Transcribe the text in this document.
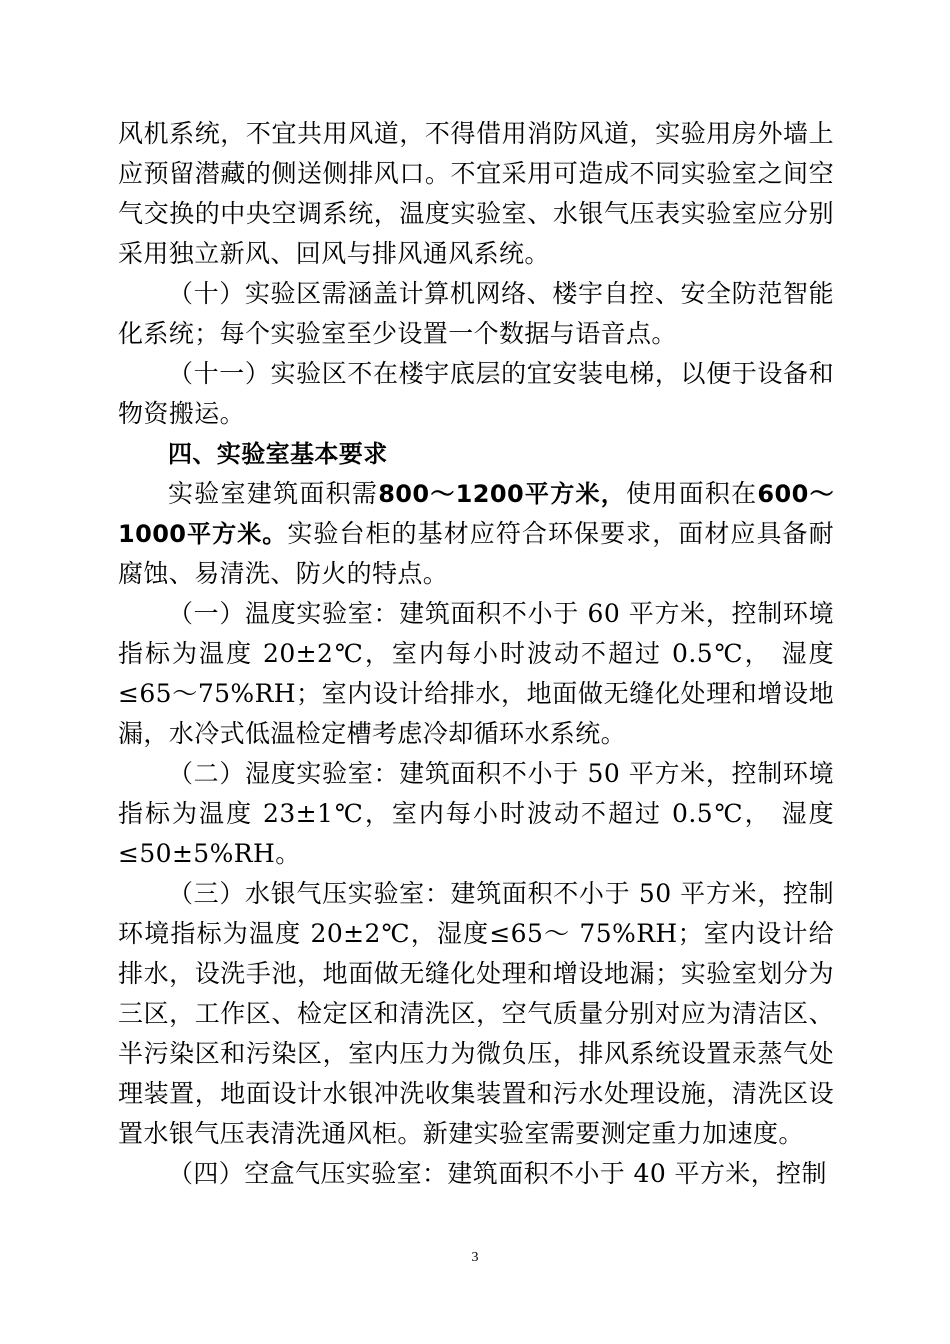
风机系统，不宜共用风道，不得借用消防风道，实验用房外墙上应预留潜藏的侧送侧排风口。不宜采用可造成不同实验室之间空气交换的中央空调系统，温度实验室、水银气压表实验室应分别采用独立新风、回风与排风通风系统。

（十）实验区需涵盖计算机网络、楼宇自控、安全防范智能化系统；每个实验室至少设置一个数据与语音点。

（十一）实验区不在楼宇底层的宜安装电梯，以便于设备和物资搬运。

四、实验室基本要求

实验室建筑面积需800～1200平方米，使用面积在600～1000平方米。实验台柜的基材应符合环保要求，面材应具备耐腐蚀、易清洗、防火的特点。

（一）温度实验室：建筑面积不小于 60 平方米，控制环境指标为温度 20±2℃，室内每小时波动不超过 0.5℃， 湿度≤65～75%RH；室内设计给排水，地面做无缝化处理和增设地漏，水冷式低温检定槽考虑冷却循环水系统。

（二）湿度实验室：建筑面积不小于 50 平方米，控制环境指标为温度 23±1℃，室内每小时波动不超过 0.5℃， 湿度≤50±5%RH。

（三）水银气压实验室：建筑面积不小于 50 平方米，控制环境指标为温度 20±2℃，湿度≤65～ 75%RH；室内设计给排水，设洗手池，地面做无缝化处理和增设地漏；实验室划分为三区，工作区、检定区和清洗区，空气质量分别对应为清洁区、半污染区和污染区，室内压力为微负压，排风系统设置汞蒸气处理装置，地面设计水银冲洗收集装置和污水处理设施，清洗区设置水银气压表清洗通风柜。新建实验室需要测定重力加速度。

（四）空盒气压实验室：建筑面积不小于 40 平方米，控制

3
